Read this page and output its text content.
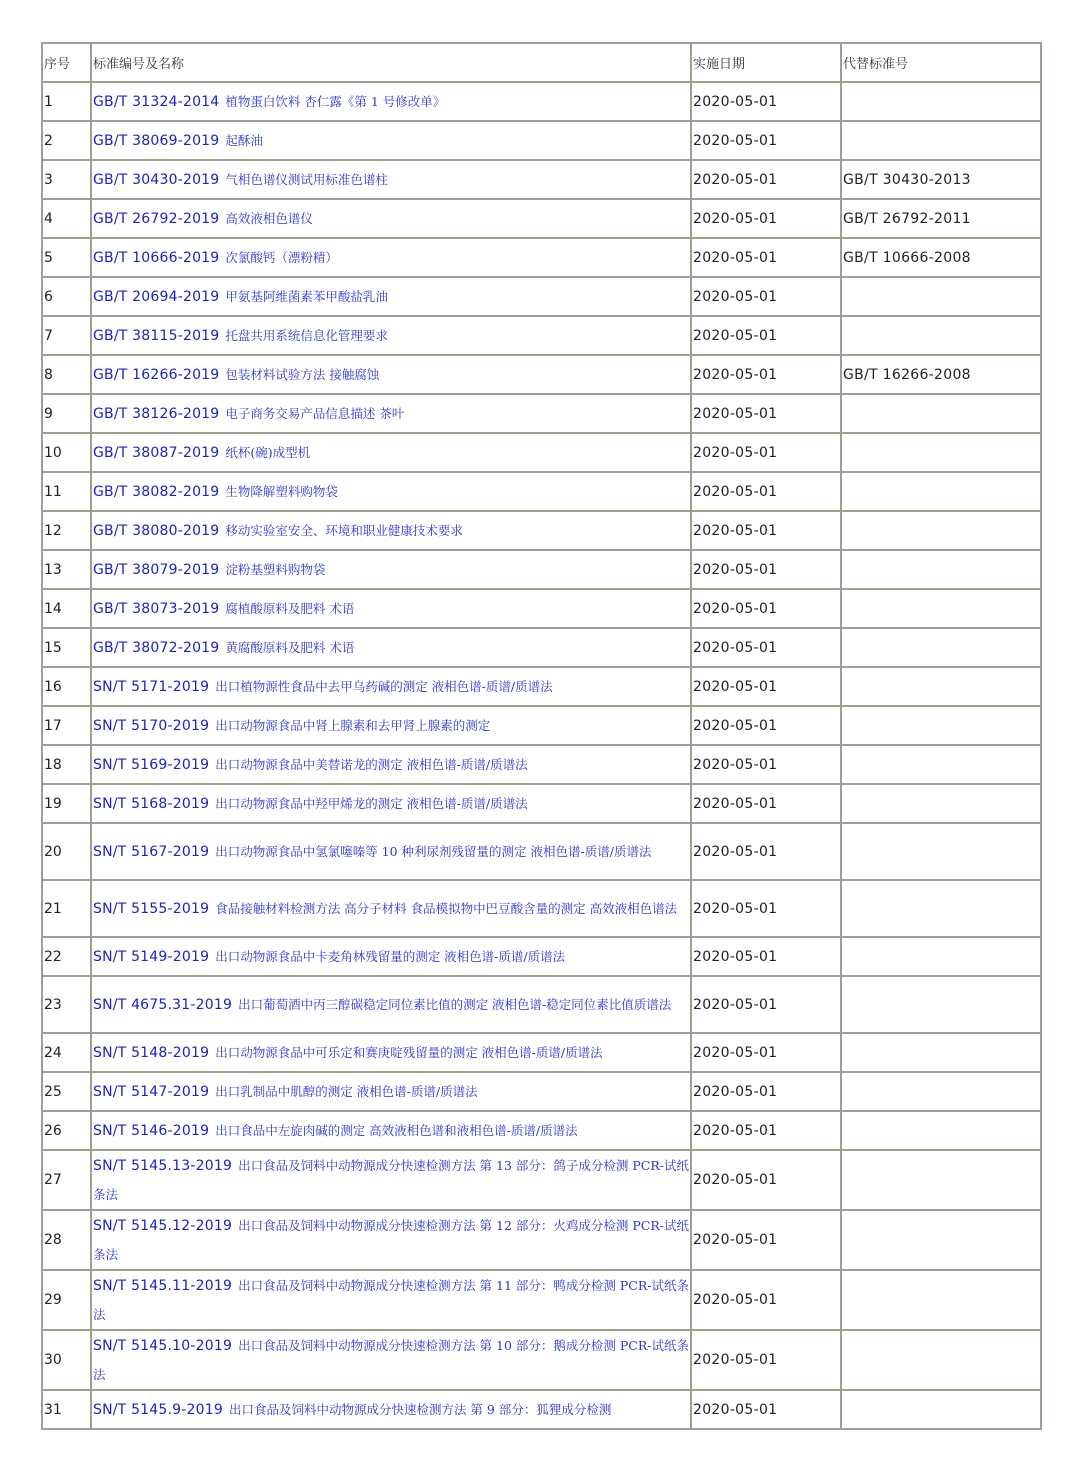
序号	标准编号及名称	实施日期	代替标准号
1	GB/T 31324-2014 植物蛋白饮料 杏仁露《第 1 号修改单》	2020-05-01	
2	GB/T 38069-2019 起酥油	2020-05-01	
3	GB/T 30430-2019 气相色谱仪测试用标准色谱柱	2020-05-01	GB/T 30430-2013
4	GB/T 26792-2019 高效液相色谱仪	2020-05-01	GB/T 26792-2011
5	GB/T 10666-2019 次氯酸钙（漂粉精）	2020-05-01	GB/T 10666-2008
6	GB/T 20694-2019 甲氨基阿维菌素苯甲酸盐乳油	2020-05-01	
7	GB/T 38115-2019 托盘共用系统信息化管理要求	2020-05-01	
8	GB/T 16266-2019 包装材料试验方法 接触腐蚀	2020-05-01	GB/T 16266-2008
9	GB/T 38126-2019 电子商务交易产品信息描述 茶叶	2020-05-01	
10	GB/T 38087-2019 纸杯(碗)成型机	2020-05-01	
11	GB/T 38082-2019 生物降解塑料购物袋	2020-05-01	
12	GB/T 38080-2019 移动实验室安全、环境和职业健康技术要求	2020-05-01	
13	GB/T 38079-2019 淀粉基塑料购物袋	2020-05-01	
14	GB/T 38073-2019 腐植酸原料及肥料 术语	2020-05-01	
15	GB/T 38072-2019 黄腐酸原料及肥料 术语	2020-05-01	
16	SN/T 5171-2019 出口植物源性食品中去甲乌药碱的测定 液相色谱-质谱/质谱法	2020-05-01	
17	SN/T 5170-2019 出口动物源食品中肾上腺素和去甲肾上腺素的测定	2020-05-01	
18	SN/T 5169-2019 出口动物源食品中美替诺龙的测定 液相色谱-质谱/质谱法	2020-05-01	
19	SN/T 5168-2019 出口动物源食品中羟甲烯龙的测定 液相色谱-质谱/质谱法	2020-05-01	
20	SN/T 5167-2019 出口动物源食品中氢氯噻嗪等 10 种利尿剂残留量的测定 液相色谱-质谱/质谱法	2020-05-01	
21	SN/T 5155-2019 食品接触材料检测方法 高分子材料 食品模拟物中巴豆酸含量的测定 高效液相色谱法	2020-05-01	
22	SN/T 5149-2019 出口动物源食品中卡麦角林残留量的测定 液相色谱-质谱/质谱法	2020-05-01	
23	SN/T 4675.31-2019 出口葡萄酒中丙三醇碳稳定同位素比值的测定 液相色谱-稳定同位素比值质谱法	2020-05-01	
24	SN/T 5148-2019 出口动物源食品中可乐定和赛庚啶残留量的测定 液相色谱-质谱/质谱法	2020-05-01	
25	SN/T 5147-2019 出口乳制品中肌醇的测定 液相色谱-质谱/质谱法	2020-05-01	
26	SN/T 5146-2019 出口食品中左旋肉碱的测定 高效液相色谱和液相色谱-质谱/质谱法	2020-05-01	
27	SN/T 5145.13-2019 出口食品及饲料中动物源成分快速检测方法 第 13 部分：鸽子成分检测 PCR-试纸条法	2020-05-01	
28	SN/T 5145.12-2019 出口食品及饲料中动物源成分快速检测方法 第 12 部分：火鸡成分检测 PCR-试纸条法	2020-05-01	
29	SN/T 5145.11-2019 出口食品及饲料中动物源成分快速检测方法 第 11 部分：鸭成分检测 PCR-试纸条法	2020-05-01	
30	SN/T 5145.10-2019 出口食品及饲料中动物源成分快速检测方法 第 10 部分：鹅成分检测 PCR-试纸条法	2020-05-01	
31	SN/T 5145.9-2019 出口食品及饲料中动物源成分快速检测方法 第 9 部分：狐狸成分检测	2020-05-01	
